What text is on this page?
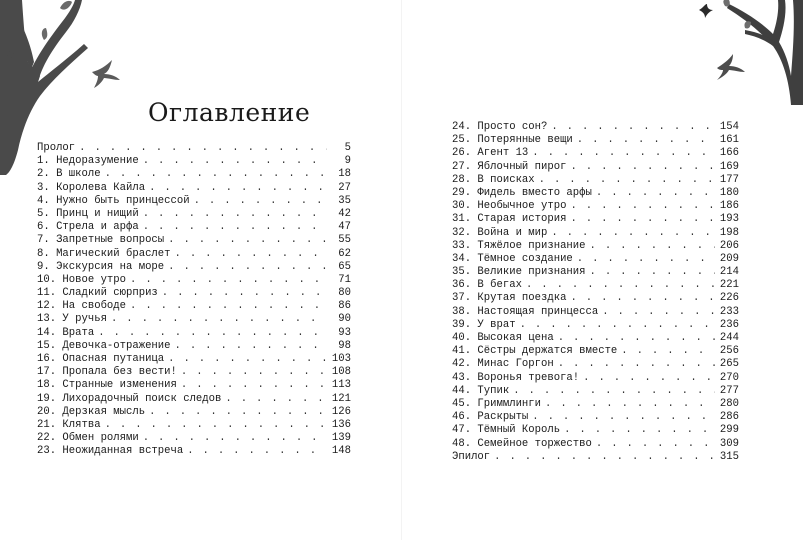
Оглавление
Пролог . . .	5
1. Недоразумение . . .	9
2. В школе . . .	18
3. Королева Кайла . . .	27
4. Нужно быть принцессой . . .	35
5. Принц и нищий . . .	42
6. Стрела и арфа . . .	47
7. Запретные вопросы . . .	55
8. Магический браслет . . .	62
9. Экскурсия на море . . .	65
10. Новое утро . . .	71
11. Сладкий сюрприз . . .	80
12. На свободе . . .	86
13. У ручья . . .	90
14. Врата . . .	93
15. Девочка-отражение . . .	98
16. Опасная путаница . . .	103
17. Пропала без вести! . . .	108
18. Странные изменения . . .	113
19. Лихорадочный поиск следов . . .	121
20. Дерзкая мысль . . .	126
21. Клятва . . .	136
22. Обмен ролями . . .	139
23. Неожиданная встреча . . .	148
24. Просто сон? . . .	154
25. Потерянные вещи . . .	161
26. Агент 13 . . .	166
27. Яблочный пирог . . .	169
28. В поисках . . .	177
29. Фидель вместо арфы . . .	180
30. Необычное утро . . .	186
31. Старая история . . .	193
32. Война и мир . . .	198
33. Тяжёлое признание . . .	206
34. Тёмное создание . . .	209
35. Великие признания . . .	214
36. В бегах . . .	221
37. Крутая поездка . . .	226
38. Настоящая принцесса . . .	233
39. У врат . . .	236
40. Высокая цена . . .	244
41. Сёстры держатся вместе . . .	256
42. Минас Горгон . . .	265
43. Воронья тревога! . . .	270
44. Тупик . . .	277
45. Гриммлинги . . .	280
46. Раскрыты . . .	286
47. Тёмный Король . . .	299
48. Семейное торжество . . .	309
Эпилог . . .	315
